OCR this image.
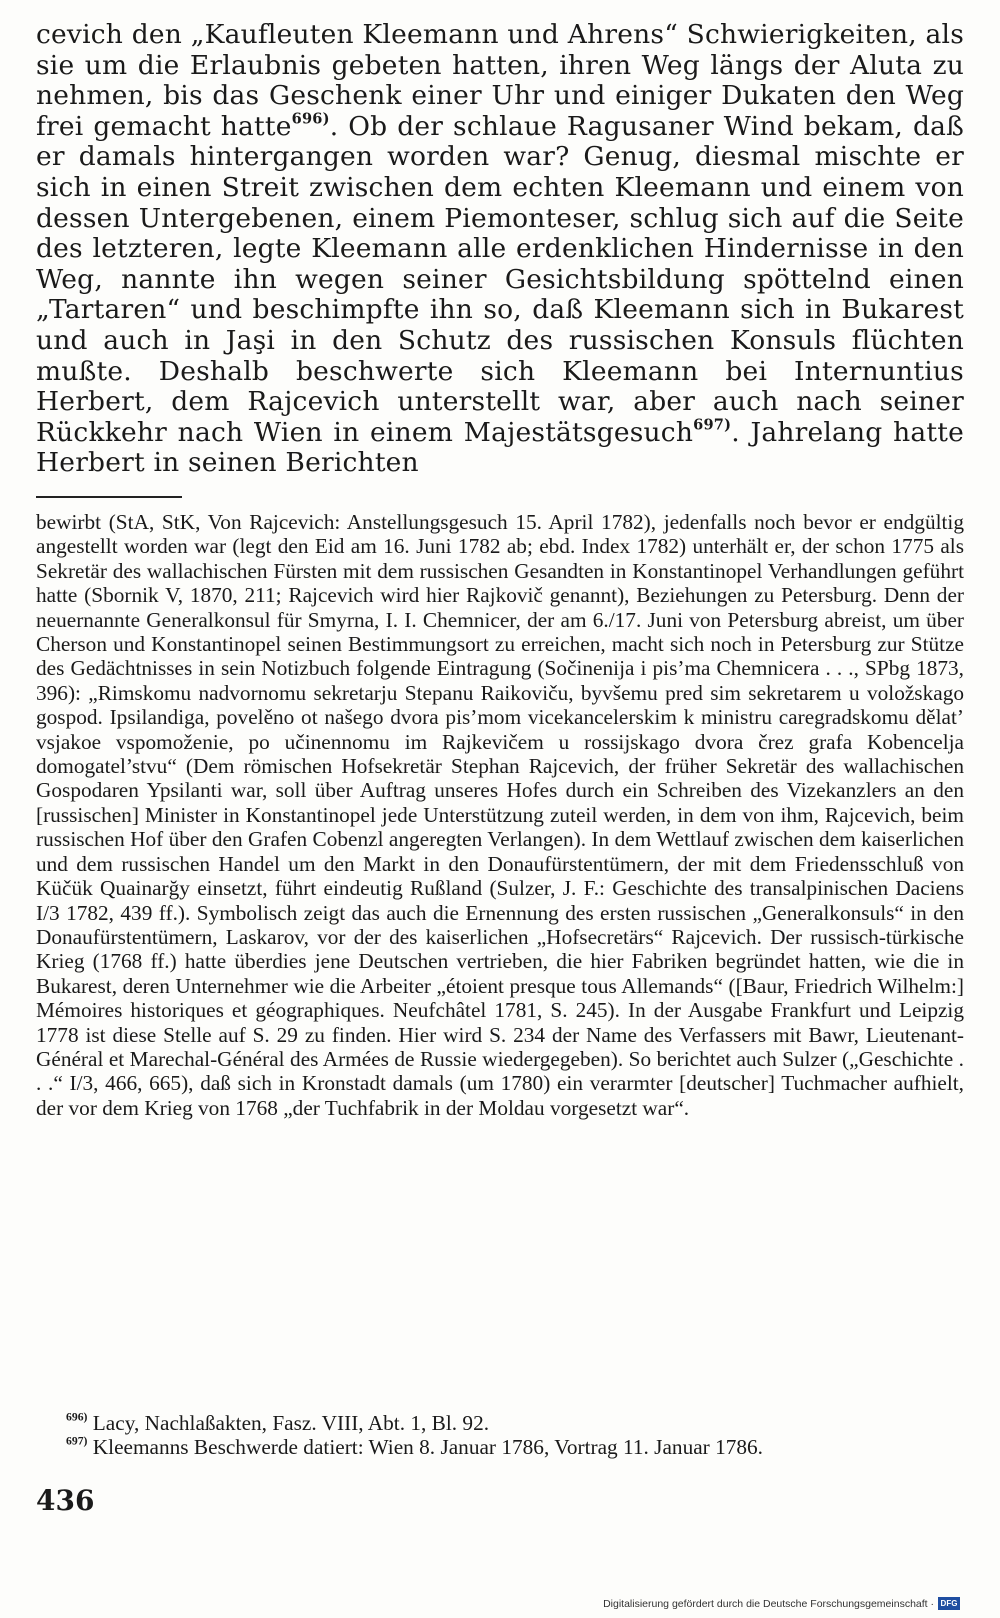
cevich den „Kaufleuten Kleemann und Ahrens“ Schwierigkeiten, als sie um die Erlaubnis gebeten hatten, ihren Weg längs der Aluta zu nehmen, bis das Geschenk einer Uhr und einiger Dukaten den Weg frei gemacht hatte$^{696)}$. Ob der schlaue Ragusaner Wind bekam, daß er damals hintergangen worden war? Genug, diesmal mischte er sich in einen Streit zwischen dem echten Kleemann und einem von dessen Untergebenen, einem Piemonteser, schlug sich auf die Seite des letzteren, legte Kleemann alle erdenklichen Hindernisse in den Weg, nannte ihn wegen seiner Gesichtsbildung spöttelnd einen „Tartaren“ und beschimpfte ihn so, daß Kleemann sich in Bukarest und auch in Jaşi in den Schutz des russischen Konsuls flüchten mußte. Deshalb beschwerte sich Kleemann bei Internuntius Herbert, dem Rajcevich unterstellt war, aber auch nach seiner Rückkehr nach Wien in einem Majestätsgesuch$^{697)}$. Jahrelang hatte Herbert in seinen Berichten

bewirbt (StA, StK, Von Rajcevich: Anstellungsgesuch 15. April 1782), jedenfalls noch bevor er endgültig angestellt worden war (legt den Eid am 16. Juni 1782 ab; ebd. Index 1782) unterhält er, der schon 1775 als Sekretär des wallachischen Fürsten mit dem russischen Gesandten in Konstantinopel Verhandlungen geführt hatte (Sbornik V, 1870, 211; Rajcevich wird hier Rajkovič genannt), Beziehungen zu Petersburg. Denn der neuernannte Generalkonsul für Smyrna, I. I. Chemnicer, der am 6./17. Juni von Petersburg abreist, um über Cherson und Konstantinopel seinen Bestimmungsort zu erreichen, macht sich noch in Petersburg zur Stütze des Gedächtnisses in sein Notizbuch folgende Eintragung (Sočinenija i pis’ma Chemnicera . . ., SPbg 1873, 396): „Rimskomu nadvornomu sekretarju Stepanu Raikoviču, byvšemu pred sim sekretarem u voložskago gospod. Ipsilandiga, povelěno ot našego dvora pis’mom vicekancelerskim k ministru caregradskomu dělat’ vsjakoe vspomoženie, po učinennomu im Rajkevičem u rossijskago dvora črez grafa Kobencelja domogatel’stvu“ (Dem römischen Hofsekretär Stephan Rajcevich, der früher Sekretär des wallachischen Gospodaren Ypsilanti war, soll über Auftrag unseres Hofes durch ein Schreiben des Vizekanzlers an den [russischen] Minister in Konstantinopel jede Unterstützung zuteil werden, in dem von ihm, Rajcevich, beim russischen Hof über den Grafen Cobenzl angeregten Verlangen). In dem Wettlauf zwischen dem kaiserlichen und dem russischen Handel um den Markt in den Donaufürstentümern, der mit dem Friedensschluß von Küčük Quainarğy einsetzt, führt eindeutig Rußland (Sulzer, J. F.: Geschichte des transalpinischen Daciens I/3 1782, 439 ff.). Symbolisch zeigt das auch die Ernennung des ersten russischen „Generalkonsuls“ in den Donaufürstentümern, Laskarov, vor der des kaiserlichen „Hofsecretärs“ Rajcevich. Der russisch-türkische Krieg (1768 ff.) hatte überdies jene Deutschen vertrieben, die hier Fabriken begründet hatten, wie die in Bukarest, deren Unternehmer wie die Arbeiter „étoient presque tous Allemands“ ([Baur, Friedrich Wilhelm:] Mémoires historiques et géographiques. Neufchâtel 1781, S. 245). In der Ausgabe Frankfurt und Leipzig 1778 ist diese Stelle auf S. 29 zu finden. Hier wird S. 234 der Name des Verfassers mit Bawr, Lieutenant-Général et Marechal-Général des Armées de Russie wiedergegeben). So berichtet auch Sulzer („Geschichte . . .“ I/3, 466, 665), daß sich in Kronstadt damals (um 1780) ein verarmter [deutscher] Tuchmacher aufhielt, der vor dem Krieg von 1768 „der Tuchfabrik in der Moldau vorgesetzt war“.

$^{696)}$ Lacy, Nachlaßakten, Fasz. VIII, Abt. 1, Bl. 92.

$^{697)}$ Kleemanns Beschwerde datiert: Wien 8. Januar 1786, Vortrag 11. Januar 1786.

436
Digitalisierung gefördert durch die Deutsche Forschungsgemeinschaft · DFG
